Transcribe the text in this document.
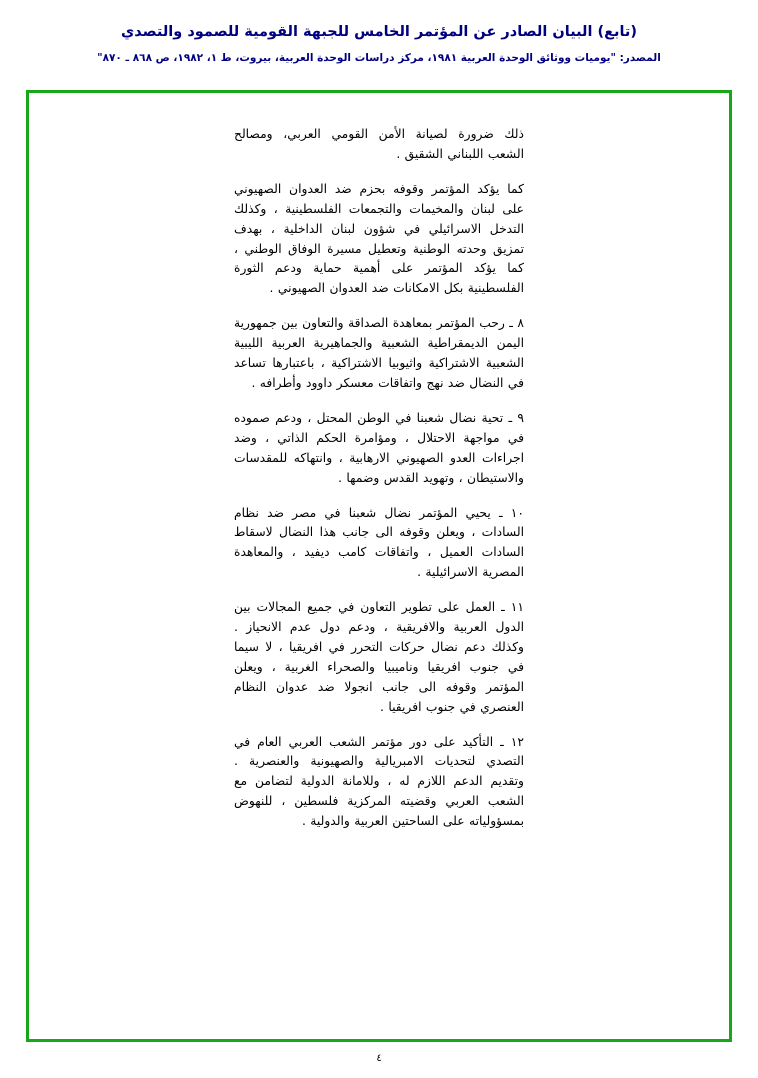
(تابع) البيان الصادر عن المؤتمر الخامس للجبهة القومية للصمود والتصدي
المصدر: "يوميات ووثائق الوحدة العربية ١٩٨١، مركز دراسات الوحدة العربية، بيروت، ط ١، ١٩٨٢، ص ٨٦٨ ـ ٨٧٠"

ذلك ضرورة لصيانة الأمن القومي العربي، ومصالح الشعب اللبناني الشقيق .

كما يؤكد المؤتمر وقوفه بحزم ضد العدوان الصهيوني على لبنان والمخيمات والتجمعات الفلسطينية ، وكذلك التدخل الاسرائيلي في شؤون لبنان الداخلية ، بهدف تمزيق وحدته الوطنية وتعطيل مسيرة الوفاق الوطني ، كما يؤكد المؤتمر على أهمية حماية ودعم الثورة الفلسطينية بكل الامكانات ضد العدوان الصهيوني .

٨ ـ رحب المؤتمر بمعاهدة الصداقة والتعاون بين جمهورية اليمن الديمقراطية الشعبية والجماهيرية العربية الليبية الشعبية الاشتراكية واثيوبيا الاشتراكية ، باعتبارها تساعد في النضال ضد نهج واتفاقات معسكر داوود وأطرافه .

٩ ـ تحية نضال شعبنا في الوطن المحتل ، ودعم صموده في مواجهة الاحتلال ، ومؤامرة الحكم الذاتي ، وضد اجراءات العدو الصهيوني الارهابية ، وانتهاكه للمقدسات والاستيطان ، وتهويد القدس وضمها .

١٠ ـ يحيي المؤتمر نضال شعبنا في مصر ضد نظام السادات ، ويعلن وقوفه الى جانب هذا النضال لاسقاط السادات العميل ، واتفاقات كامب ديفيد ، والمعاهدة المصرية الاسرائيلية .

١١ ـ العمل على تطوير التعاون في جميع المجالات بين الدول العربية والافريقية ، ودعم دول عدم الانحياز . وكذلك دعم نضال حركات التحرر في افريقيا ، لا سيما في جنوب افريقيا وناميبيا والصحراء الغربية ، ويعلن المؤتمر وقوفه الى جانب انجولا ضد عدوان النظام العنصري في جنوب افريقيا .

١٢ ـ التأكيد على دور مؤتمر الشعب العربي العام في التصدي لتحديات الامبريالية والصهيونية والعنصرية . وتقديم الدعم اللازم له ، وللامانة الدولية لتضامن مع الشعب العربي وقضيته المركزية فلسطين ، للنهوض بمسؤولياته على الساحتين العربية والدولية .

٤
